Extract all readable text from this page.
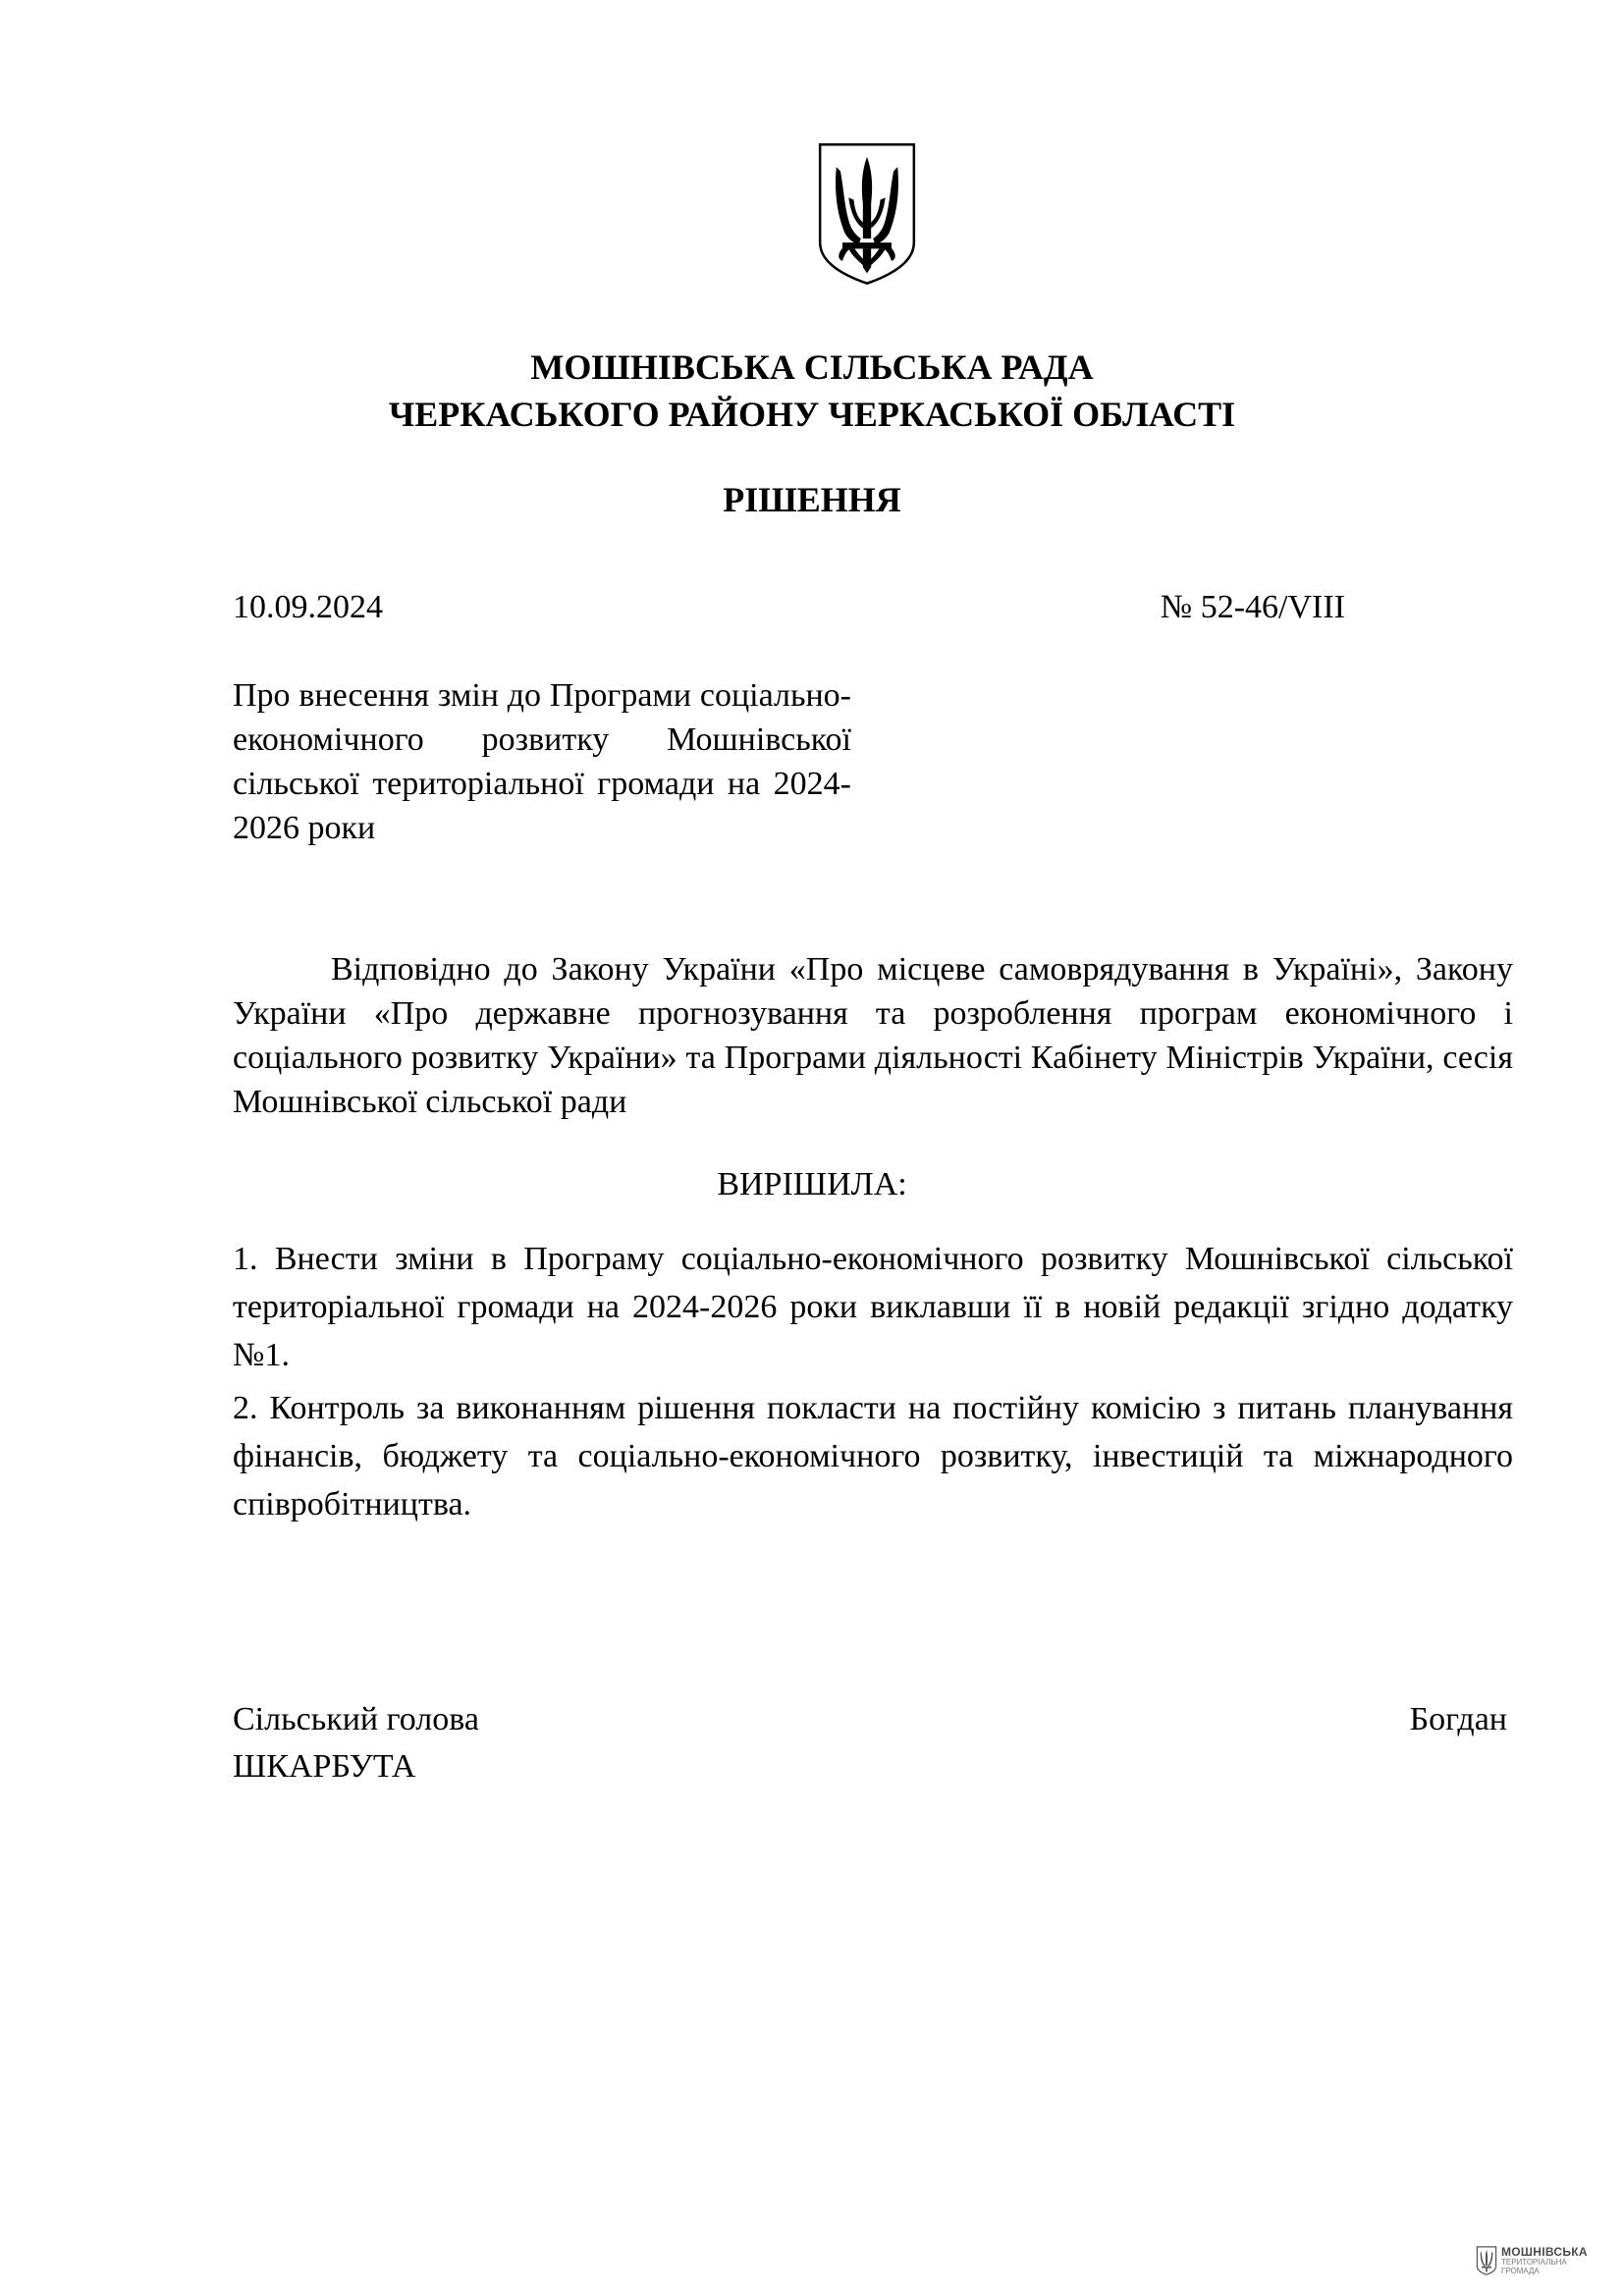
МОШНІВСЬКА СІЛЬСЬКА РАДА
ЧЕРКАСЬКОГО РАЙОНУ ЧЕРКАСЬКОЇ ОБЛАСТІ
РІШЕННЯ
10.09.2024	№ 52-46/VIII
Про внесення змін до Програми соціально-економічного розвитку Мошнівської сільської територіальної громади на 2024-2026 роки

Відповідно до Закону України «Про місцеве самоврядування в Україні», Закону України «Про державне прогнозування та розроблення програм економічного і соціального розвитку України» та Програми діяльності Кабінету Міністрів України, сесія Мошнівської сільської ради

ВИРІШИЛА:

1. Внести зміни в Програму соціально-економічного розвитку Мошнівської сільської територіальної громади на 2024-2026 роки виклавши її в новій редакції згідно додатку №1.

2. Контроль за виконанням рішення покласти на постійну комісію з питань планування фінансів, бюджету та соціально-економічного розвитку, інвестицій та міжнародного співробітництва.

Сільський голова	Богдан
ШКАРБУТА
МОШНІВСЬКА
ТЕРИТОРІАЛЬНА
ГРОМАДА
